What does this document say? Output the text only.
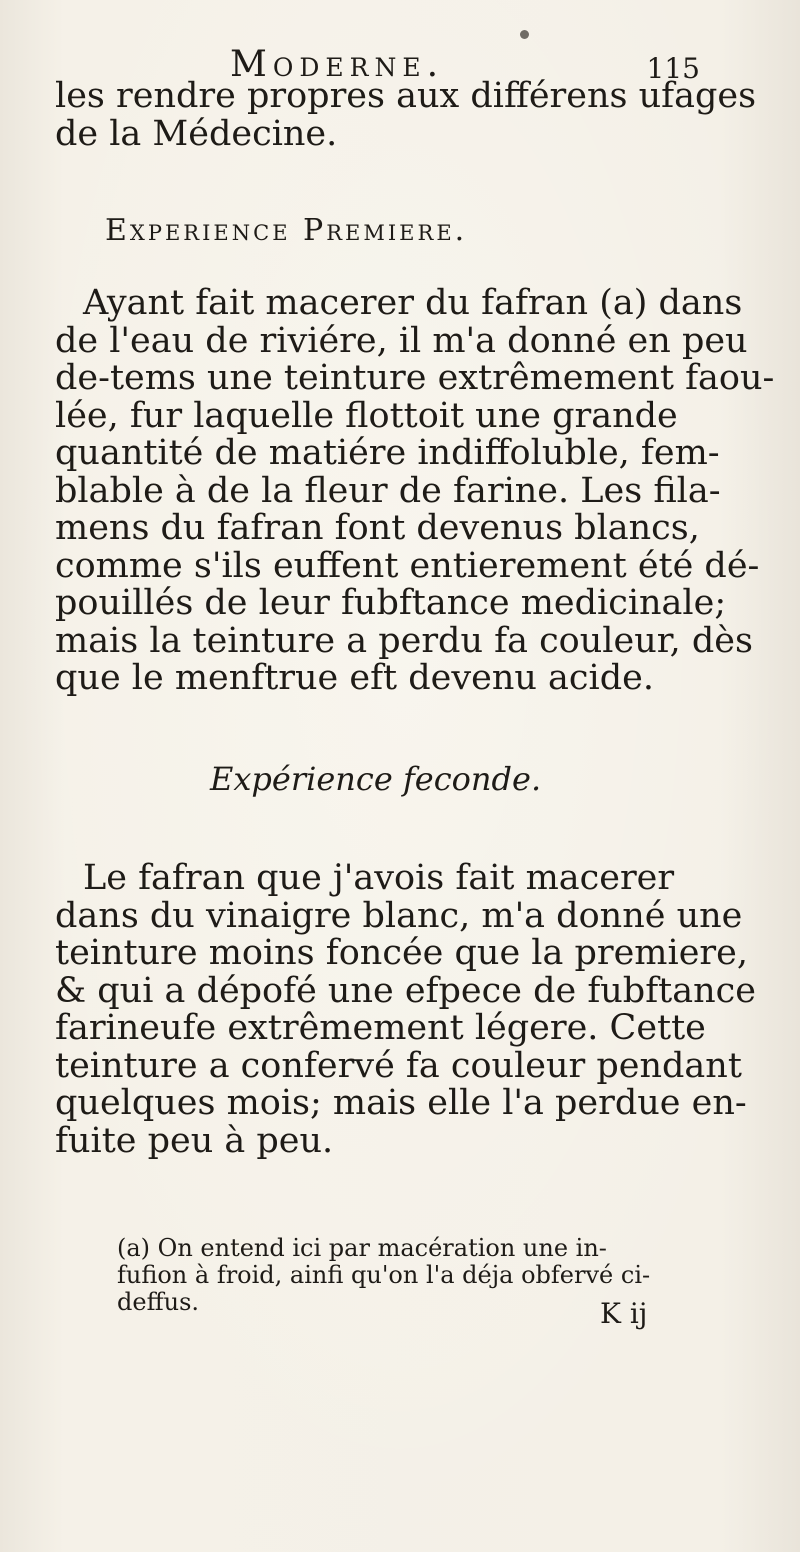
Moderne.	115
les rendre propres aux différens ufages
de la Médecine.
Experience Premiere.
Ayant fait macerer du fafran (a) dans
de l'eau de riviére, il m'a donné en peu
de-tems une teinture extrêmement faou-
lée, fur laquelle flottoit une grande
quantité de matiére indiffoluble, fem-
blable à de la fleur de farine. Les fila-
mens du fafran font devenus blancs,
comme s'ils euffent entierement été dé-
pouillés de leur fubftance medicinale;
mais la teinture a perdu fa couleur, dès
que le menftrue eft devenu acide.
Expérience feconde.
Le fafran que j'avois fait macerer
dans du vinaigre blanc, m'a donné une
teinture moins foncée que la premiere,
& qui a dépofé une efpece de fubftance
farineufe extrêmement légere. Cette
teinture a confervé fa couleur pendant
quelques mois; mais elle l'a perdue en-
fuite peu à peu.
(a) On entend ici par macération une in-
fufion à froid, ainfi qu'on l'a déja obfervé ci-
deffus.	K ij
